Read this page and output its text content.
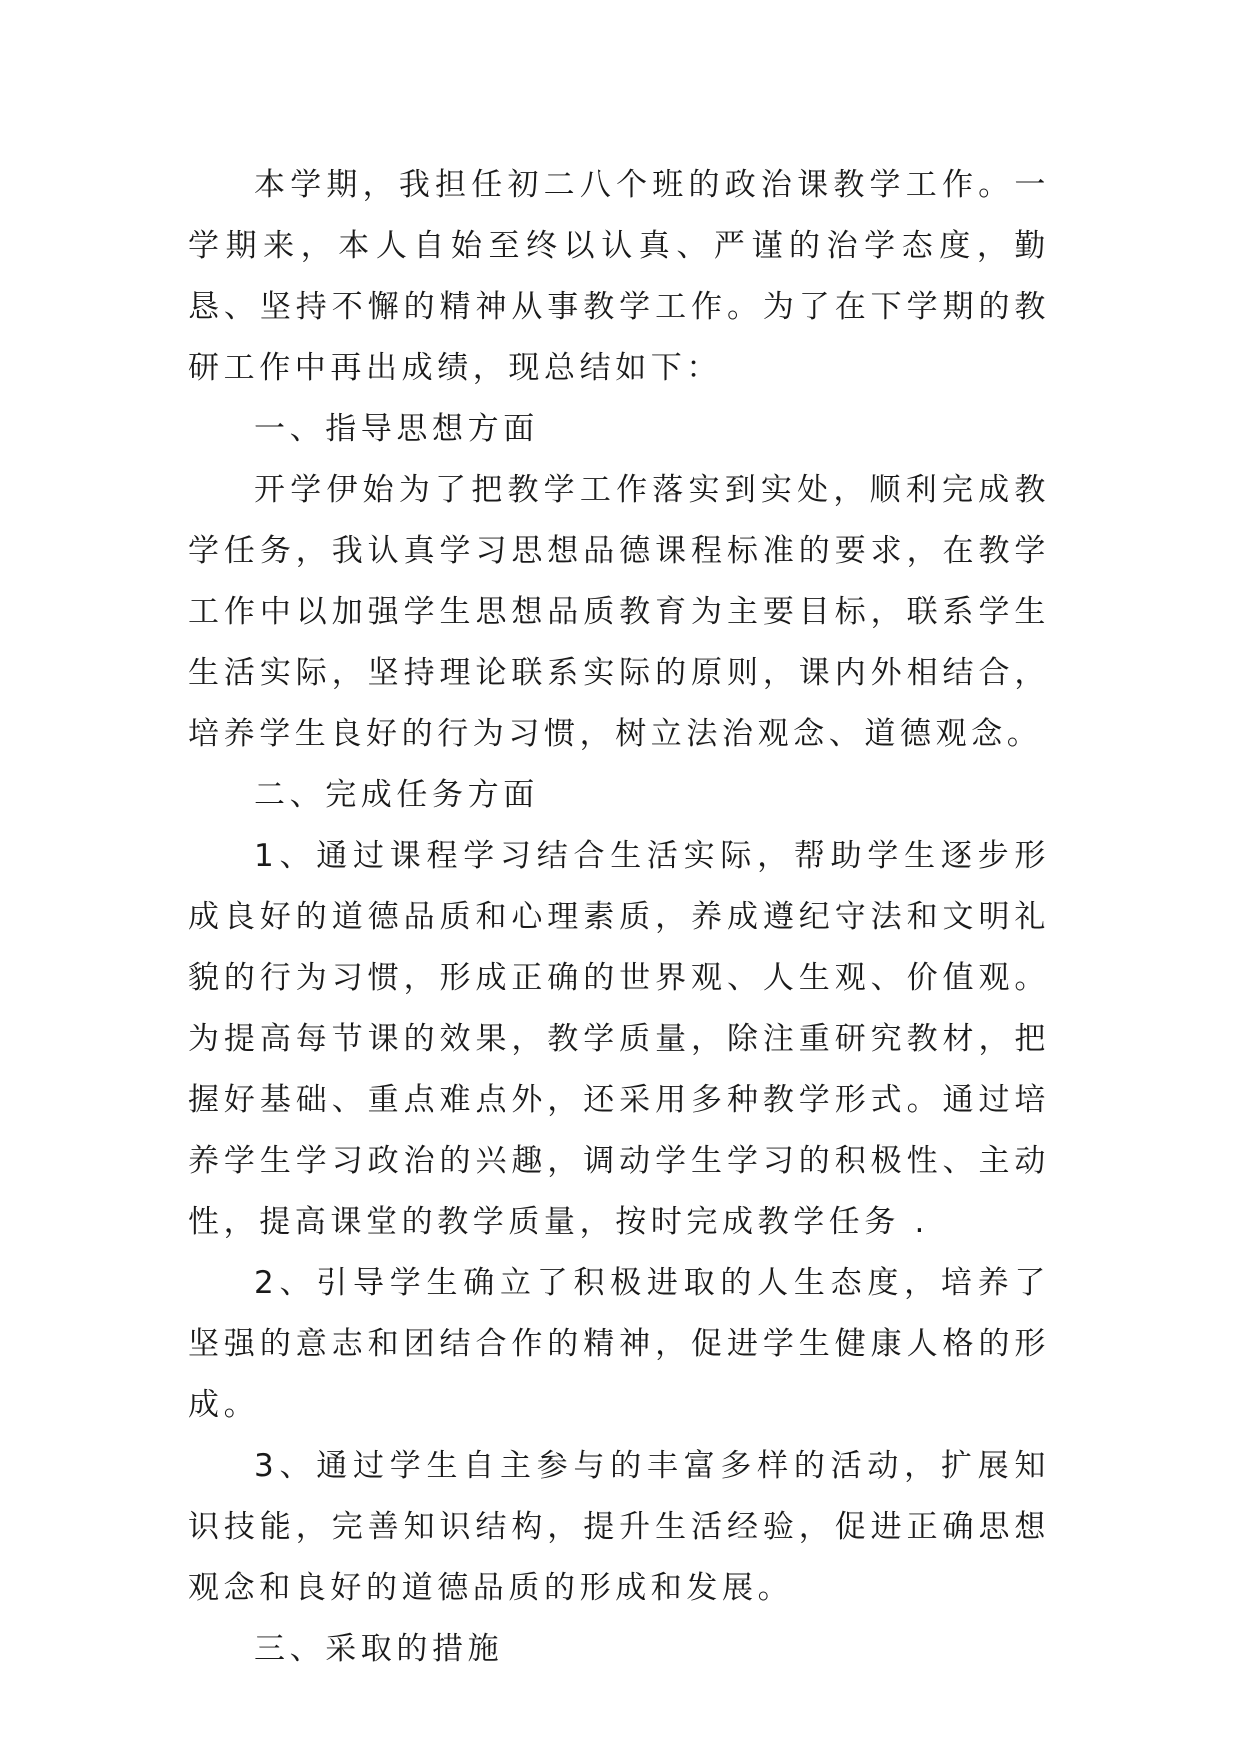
本学期，我担任初二八个班的政治课教学工作。一学期来，本人自始至终以认真、严谨的治学态度，勤恳、坚持不懈的精神从事教学工作。为了在下学期的教研工作中再出成绩，现总结如下：

一、指导思想方面

开学伊始为了把教学工作落实到实处，顺利完成教学任务，我认真学习思想品德课程标准的要求，在教学工作中以加强学生思想品质教育为主要目标，联系学生生活实际，坚持理论联系实际的原则，课内外相结合，培养学生良好的行为习惯，树立法治观念、道德观念。

二、完成任务方面

1、通过课程学习结合生活实际，帮助学生逐步形成良好的道德品质和心理素质，养成遵纪守法和文明礼貌的行为习惯，形成正确的世界观、人生观、价值观。为提高每节课的效果，教学质量，除注重研究教材，把握好基础、重点难点外，还采用多种教学形式。通过培养学生学习政治的兴趣，调动学生学习的积极性、主动性，提高课堂的教学质量，按时完成教学任务 .

2、引导学生确立了积极进取的人生态度，培养了坚强的意志和团结合作的精神，促进学生健康人格的形成。

3、通过学生自主参与的丰富多样的活动，扩展知识技能，完善知识结构，提升生活经验，促进正确思想观念和良好的道德品质的形成和发展。

三、采取的措施
